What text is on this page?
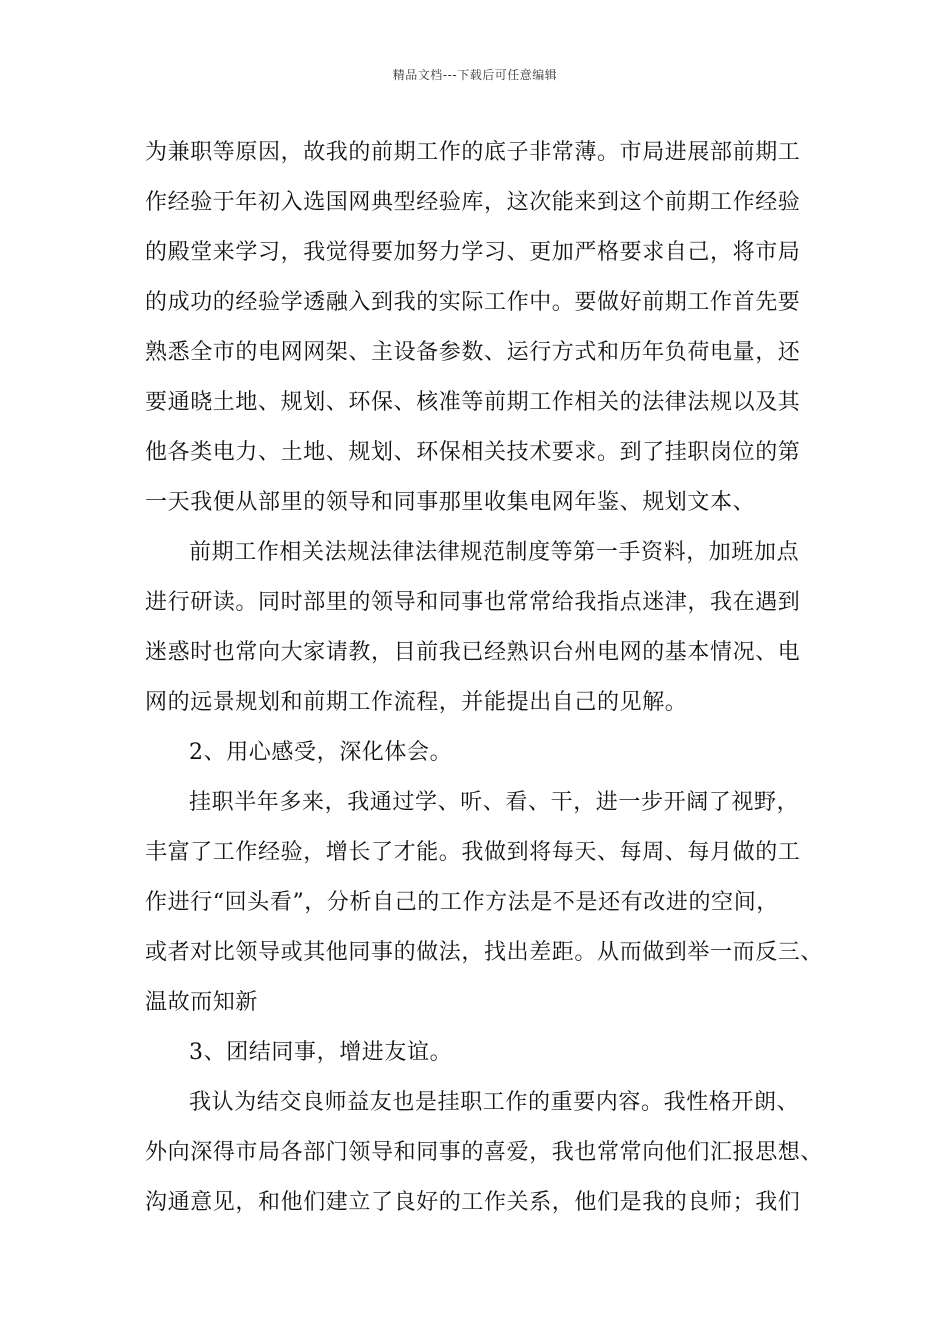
精品文档---下载后可任意编辑
为兼职等原因，故我的前期工作的底子非常薄。市局进展部前期工
作经验于年初入选国网典型经验库，这次能来到这个前期工作经验
的殿堂来学习，我觉得要加努力学习、更加严格要求自己，将市局
的成功的经验学透融入到我的实际工作中。要做好前期工作首先要
熟悉全市的电网网架、主设备参数、运行方式和历年负荷电量，还
要通晓土地、规划、环保、核准等前期工作相关的法律法规以及其
他各类电力、土地、规划、环保相关技术要求。到了挂职岗位的第
一天我便从部里的领导和同事那里收集电网年鉴、规划文本、
前期工作相关法规法律法律规范制度等第一手资料，加班加点
进行研读。同时部里的领导和同事也常常给我指点迷津，我在遇到
迷惑时也常向大家请教，目前我已经熟识台州电网的基本情况、电
网的远景规划和前期工作流程，并能提出自己的见解。
2、用心感受，深化体会。
挂职半年多来，我通过学、听、看、干，进一步开阔了视野，
丰富了工作经验，增长了才能。我做到将每天、每周、每月做的工
作进行“回头看”，分析自己的工作方法是不是还有改进的空间，
或者对比领导或其他同事的做法，找出差距。从而做到举一而反三、
温故而知新
3、团结同事，增进友谊。
我认为结交良师益友也是挂职工作的重要内容。我性格开朗、
外向深得市局各部门领导和同事的喜爱，我也常常向他们汇报思想、
沟通意见，和他们建立了良好的工作关系，他们是我的良师；我们
